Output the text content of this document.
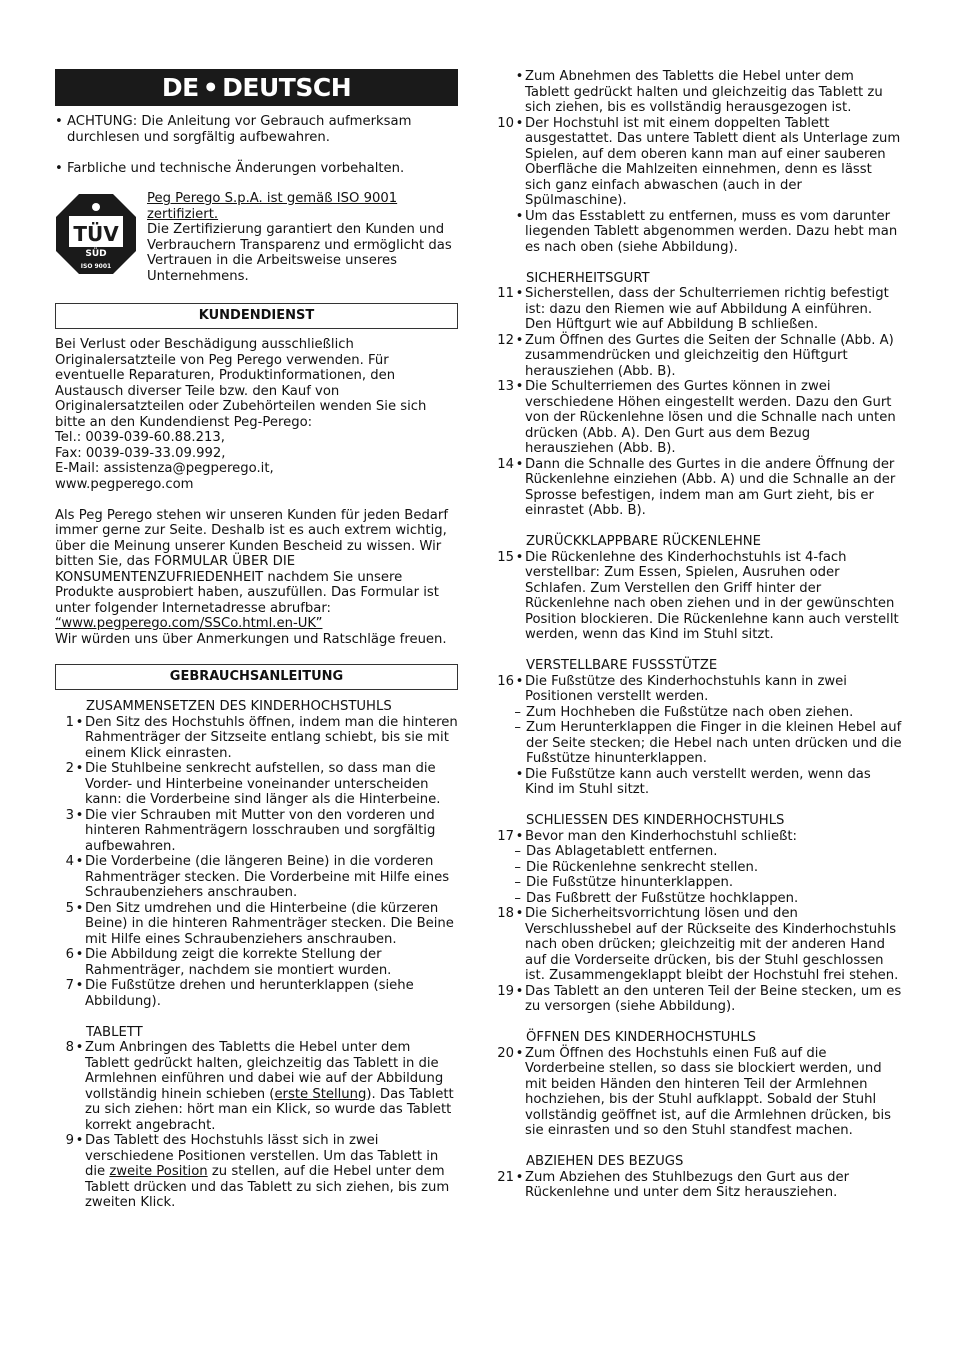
DE • DEUTSCH
• ACHTUNG: Die Anleitung vor Gebrauch aufmerksam durchlesen und sorgfältig aufbewahren.
• Farbliche und technische Änderungen vorbehalten.
TÜV
SÜD
ISO 9001
Peg Perego S.p.A. ist gemäß ISO 9001 zertifiziert.
Die Zertifizierung garantiert den Kunden und Verbrauchern Transparenz und ermöglicht das Vertrauen in die Arbeitsweise unseres Unternehmens.
KUNDENDIENST
Bei Verlust oder Beschädigung ausschließlich Originalersatzteile von Peg Perego verwenden. Für eventuelle Reparaturen, Produktinformationen, den Austausch diverser Teile bzw. den Kauf von Originalersatzteilen oder Zubehörteilen wenden Sie sich bitte an den Kundendienst Peg-Perego:
Tel.: 0039-039-60.88.213,
Fax: 0039-039-33.09.992,
E-Mail: assistenza@pegperego.it,
www.pegperego.com
Als Peg Perego stehen wir unseren Kunden für jeden Bedarf immer gerne zur Seite. Deshalb ist es auch extrem wichtig, über die Meinung unserer Kunden Bescheid zu wissen. Wir bitten Sie, das FORMULAR ÜBER DIE KONSUMENTENZUFRIEDENHEIT nachdem Sie unsere Produkte ausprobiert haben, auszufüllen. Das Formular ist unter folgender Internetadresse abrufbar:
“www.pegperego.com/SSCo.html.en-UK”
Wir würden uns über Anmerkungen und Ratschläge freuen.
GEBRAUCHSANLEITUNG
ZUSAMMENSETZEN DES KINDERHOCHSTUHLS
1 • Den Sitz des Hochstuhls öffnen, indem man die hinteren Rahmenträger der Sitzseite entlang schiebt, bis sie mit einem Klick einrasten.
2 • Die Stuhlbeine senkrecht aufstellen, so dass man die Vorder- und Hinterbeine voneinander unterscheiden kann: die Vorderbeine sind länger als die Hinterbeine.
3 • Die vier Schrauben mit Mutter von den vorderen und hinteren Rahmenträgern losschrauben und sorgfältig aufbewahren.
4 • Die Vorderbeine (die längeren Beine) in die vorderen Rahmenträger stecken. Die Vorderbeine mit Hilfe eines Schraubenziehers anschrauben.
5 • Den Sitz umdrehen und die Hinterbeine (die kürzeren Beine) in die hinteren Rahmenträger stecken. Die Beine mit Hilfe eines Schraubenziehers anschrauben.
6 • Die Abbildung zeigt die korrekte Stellung der Rahmenträger, nachdem sie montiert wurden.
7 • Die Fußstütze drehen und herunterklappen (siehe Abbildung).
TABLETT
8 • Zum Anbringen des Tabletts die Hebel unter dem Tablett gedrückt halten, gleichzeitig das Tablett in die Armlehnen einführen und dabei wie auf der Abbildung vollständig hinein schieben (erste Stellung). Das Tablett zu sich ziehen: hört man ein Klick, so wurde das Tablett korrekt angebracht.
9 • Das Tablett des Hochstuhls lässt sich in zwei verschiedene Positionen verstellen. Um das Tablett in die zweite Position zu stellen, auf die Hebel unter dem Tablett drücken und das Tablett zu sich ziehen, bis zum zweiten Klick.
• Zum Abnehmen des Tabletts die Hebel unter dem Tablett gedrückt halten und gleichzeitig das Tablett zu sich ziehen, bis es vollständig herausgezogen ist.
10 • Der Hochstuhl ist mit einem doppelten Tablett ausgestattet. Das untere Tablett dient als Unterlage zum Spielen, auf dem oberen kann man auf einer sauberen Oberfläche die Mahlzeiten einnehmen, denn es lässt sich ganz einfach abwaschen (auch in der Spülmaschine).
• Um das Esstablett zu entfernen, muss es vom darunter liegenden Tablett abgenommen werden. Dazu hebt man es nach oben (siehe Abbildung).
SICHERHEITSGURT
11 • Sicherstellen, dass der Schulterriemen richtig befestigt ist: dazu den Riemen wie auf Abbildung A einführen. Den Hüftgurt wie auf Abbildung B schließen.
12 • Zum Öffnen des Gurtes die Seiten der Schnalle (Abb. A) zusammendrücken und gleichzeitig den Hüftgurt herausziehen (Abb. B).
13 • Die Schulterriemen des Gurtes können in zwei verschiedene Höhen eingestellt werden. Dazu den Gurt von der Rückenlehne lösen und die Schnalle nach unten drücken (Abb. A). Den Gurt aus dem Bezug herausziehen (Abb. B).
14 • Dann die Schnalle des Gurtes in die andere Öffnung der Rückenlehne einziehen (Abb. A) und die Schnalle an der Sprosse befestigen, indem man am Gurt zieht, bis er einrastet (Abb. B).
ZURÜCKKLAPPBARE RÜCKENLEHNE
15 • Die Rückenlehne des Kinderhochstuhls ist 4-fach verstellbar: Zum Essen, Spielen, Ausruhen oder Schlafen. Zum Verstellen den Griff hinter der Rückenlehne nach oben ziehen und in der gewünschten Position blockieren. Die Rückenlehne kann auch verstellt werden, wenn das Kind im Stuhl sitzt.
VERSTELLBARE FUSSSTÜTZE
16 • Die Fußstütze des Kinderhochstuhls kann in zwei Positionen verstellt werden.
– Zum Hochheben die Fußstütze nach oben ziehen.
– Zum Herunterklappen die Finger in die kleinen Hebel auf der Seite stecken; die Hebel nach unten drücken und die Fußstütze hinunterklappen.
• Die Fußstütze kann auch verstellt werden, wenn das Kind im Stuhl sitzt.
SCHLIESSEN DES KINDERHOCHSTUHLS
17 • Bevor man den Kinderhochstuhl schließt:
– Das Ablagetablett entfernen.
– Die Rückenlehne senkrecht stellen.
– Die Fußstütze hinunterklappen.
– Das Fußbrett der Fußstütze hochklappen.
18 • Die Sicherheitsvorrichtung lösen und den Verschlusshebel auf der Rückseite des Kinderhochstuhls nach oben drücken; gleichzeitig mit der anderen Hand auf die Vorderseite drücken, bis der Stuhl geschlossen ist. Zusammengeklappt bleibt der Hochstuhl frei stehen.
19 • Das Tablett an den unteren Teil der Beine stecken, um es zu versorgen (siehe Abbildung).
ÖFFNEN DES KINDERHOCHSTUHLS
20 • Zum Öffnen des Hochstuhls einen Fuß auf die Vorderbeine stellen, so dass sie blockiert werden, und mit beiden Händen den hinteren Teil der Armlehnen hochziehen, bis der Stuhl aufklappt. Sobald der Stuhl vollständig geöffnet ist, auf die Armlehnen drücken, bis sie einrasten und so den Stuhl standfest machen.
ABZIEHEN DES BEZUGS
21 • Zum Abziehen des Stuhlbezugs den Gurt aus der Rückenlehne und unter dem Sitz herausziehen.
